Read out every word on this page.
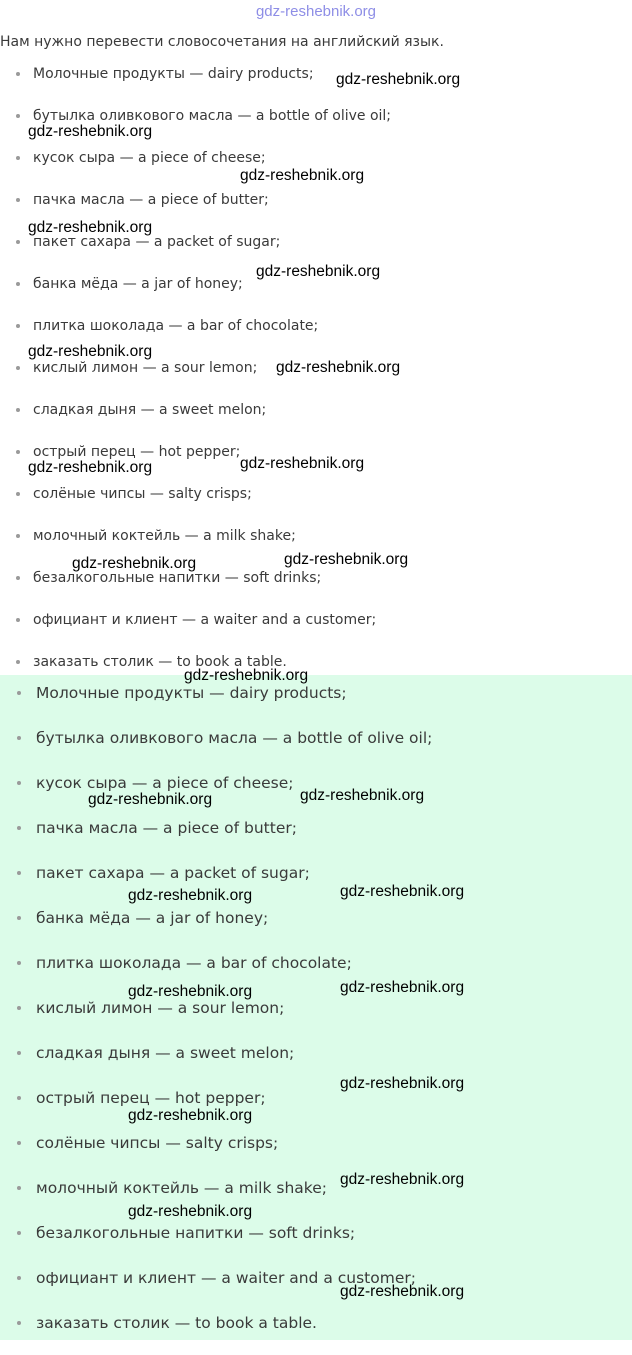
gdz-reshebnik.org
Нам нужно перевести словосочетания на английский язык.
Молочные продукты — dairy products;
бутылка оливкового масла — a bottle of olive oil;
кусок сыра — a piece of cheese;
пачка масла — a piece of butter;
пакет сахара — a packet of sugar;
банка мёда — a jar of honey;
плитка шоколада — a bar of chocolate;
кислый лимон — a sour lemon;
сладкая дыня — a sweet melon;
острый перец — hot pepper;
солёные чипсы — salty crisps;
молочный коктейль — a milk shake;
безалкогольные напитки — soft drinks;
официант и клиент — a waiter and a customer;
заказать столик — to book a table.
Молочные продукты — dairy products;
бутылка оливкового масла — a bottle of olive oil;
кусок сыра — a piece of cheese;
пачка масла — a piece of butter;
пакет сахара — a packet of sugar;
банка мёда — a jar of honey;
плитка шоколада — a bar of chocolate;
кислый лимон — a sour lemon;
сладкая дыня — a sweet melon;
острый перец — hot pepper;
солёные чипсы — salty crisps;
молочный коктейль — a milk shake;
безалкогольные напитки — soft drinks;
официант и клиент — a waiter and a customer;
заказать столик — to book a table.
gdz-reshebnik.org
gdz-reshebnik.org
gdz-reshebnik.org
gdz-reshebnik.org
gdz-reshebnik.org
gdz-reshebnik.org
gdz-reshebnik.org
gdz-reshebnik.org	gdz-reshebnik.org
gdz-reshebnik.org	gdz-reshebnik.org
gdz-reshebnik.org
gdz-reshebnik.org	gdz-reshebnik.org
gdz-reshebnik.org	gdz-reshebnik.org
gdz-reshebnik.org	gdz-reshebnik.org
gdz-reshebnik.org
gdz-reshebnik.org
gdz-reshebnik.org
gdz-reshebnik.org
gdz-reshebnik.org
